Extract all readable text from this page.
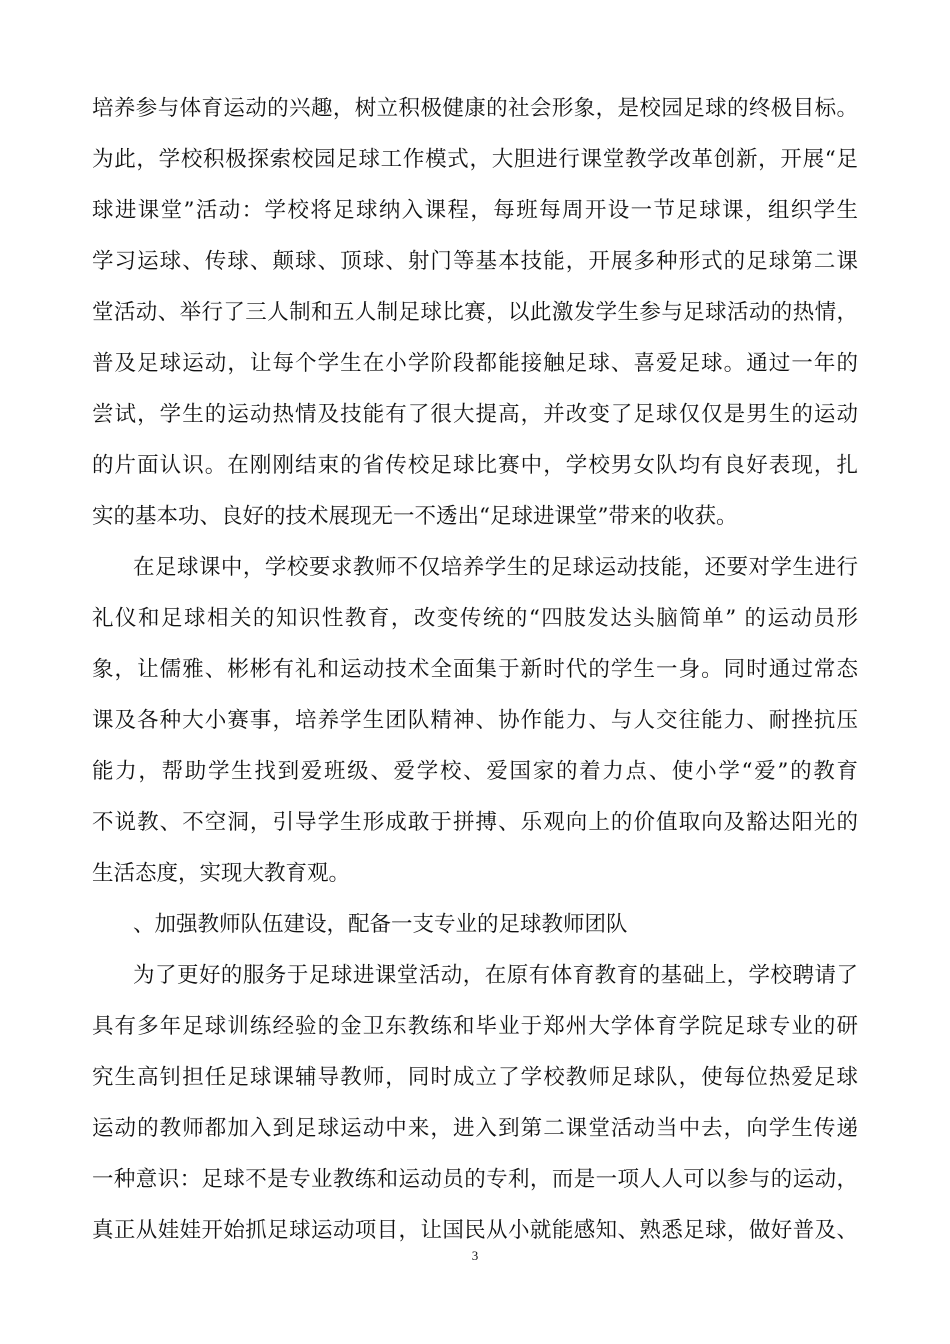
培养参与体育运动的兴趣，树立积极健康的社会形象，是校园足球的终极目标。
为此，学校积极探索校园足球工作模式，大胆进行课堂教学改革创新，开展“足
球进课堂”活动：学校将足球纳入课程，每班每周开设一节足球课，组织学生
学习运球、传球、颠球、顶球、射门等基本技能，开展多种形式的足球第二课
堂活动、举行了三人制和五人制足球比赛，以此激发学生参与足球活动的热情，
普及足球运动，让每个学生在小学阶段都能接触足球、喜爱足球。通过一年的
尝试，学生的运动热情及技能有了很大提高，并改变了足球仅仅是男生的运动
的片面认识。在刚刚结束的省传校足球比赛中，学校男女队均有良好表现，扎
实的基本功、良好的技术展现无一不透出“足球进课堂”带来的收获。
在足球课中，学校要求教师不仅培养学生的足球运动技能，还要对学生进行
礼仪和足球相关的知识性教育，改变传统的“四肢发达头脑简单” 的运动员形
象，让儒雅、彬彬有礼和运动技术全面集于新时代的学生一身。同时通过常态
课及各种大小赛事，培养学生团队精神、协作能力、与人交往能力、耐挫抗压
能力，帮助学生找到爱班级、爱学校、爱国家的着力点、使小学“爱”的教育
不说教、不空洞，引导学生形成敢于拼搏、乐观向上的价值取向及豁达阳光的
生活态度，实现大教育观。
、加强教师队伍建设，配备一支专业的足球教师团队
为了更好的服务于足球进课堂活动，在原有体育教育的基础上，学校聘请了
具有多年足球训练经验的金卫东教练和毕业于郑州大学体育学院足球专业的研
究生高钊担任足球课辅导教师，同时成立了学校教师足球队，使每位热爱足球
运动的教师都加入到足球运动中来，进入到第二课堂活动当中去，向学生传递
一种意识：足球不是专业教练和运动员的专利，而是一项人人可以参与的运动，
真正从娃娃开始抓足球运动项目，让国民从小就能感知、熟悉足球，做好普及、
3
